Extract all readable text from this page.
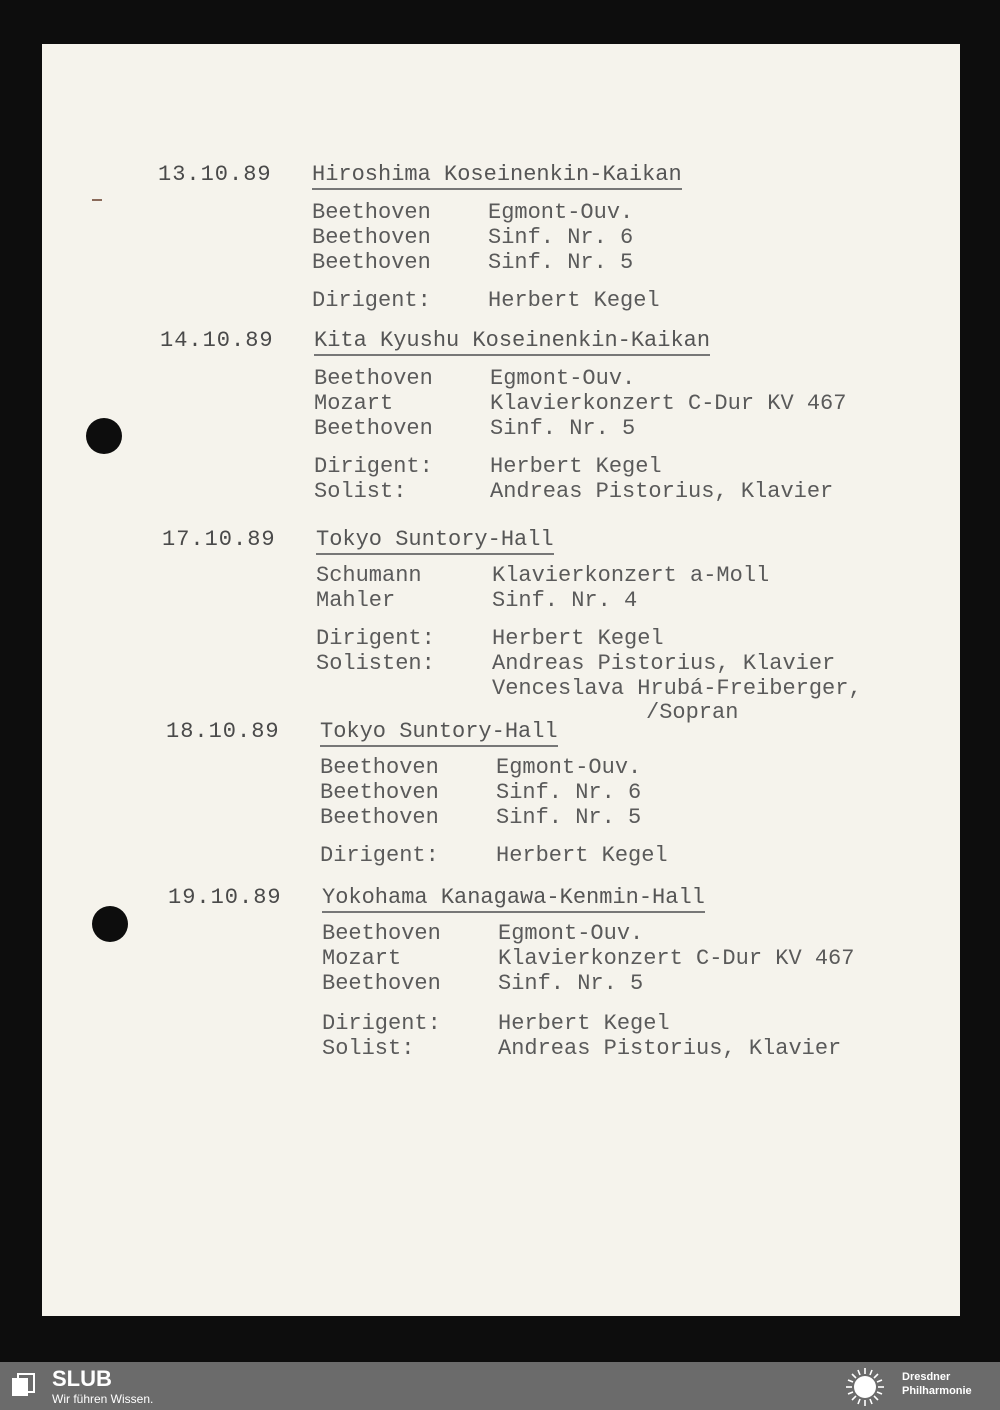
13.10.89 Hiroshima Koseinenkin-Kaikan
Beethoven	Egmont-Ouv.
Beethoven	Sinf. Nr. 6
Beethoven	Sinf. Nr. 5
Dirigent:	Herbert Kegel
14.10.89 Kita Kyushu Koseinenkin-Kaikan
Beethoven	Egmont-Ouv.
Mozart	Klavierkonzert C-Dur KV 467
Beethoven	Sinf. Nr. 5
Dirigent:	Herbert Kegel
Solist:	Andreas Pistorius, Klavier
17.10.89 Tokyo Suntory-Hall
Schumann	Klavierkonzert a-Moll
Mahler	Sinf. Nr. 4
Dirigent:	Herbert Kegel
Solisten:	Andreas Pistorius, Klavier
Venceslava Hrubá-Freiberger,
/Sopran
18.10.89 Tokyo Suntory-Hall
Beethoven	Egmont-Ouv.
Beethoven	Sinf. Nr. 6
Beethoven	Sinf. Nr. 5
Dirigent:	Herbert Kegel
19.10.89 Yokohama Kanagawa-Kenmin-Hall
Beethoven	Egmont-Ouv.
Mozart	Klavierkonzert C-Dur KV 467
Beethoven	Sinf. Nr. 5
Dirigent:	Herbert Kegel
Solist:	Andreas Pistorius, Klavier
SLUB
Wir führen Wissen.
Dresdner
Philharmonie
